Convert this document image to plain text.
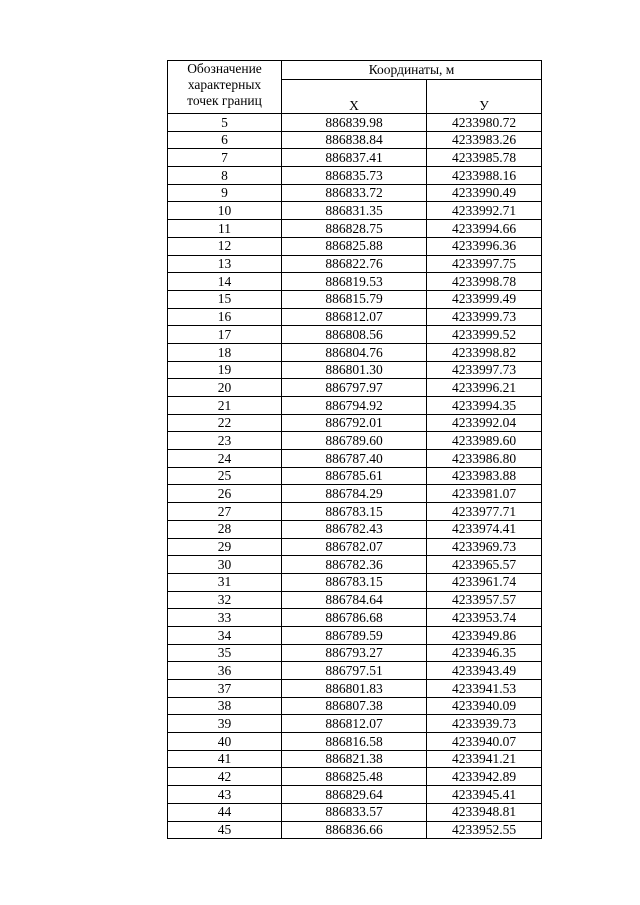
Обозначение
характерных
точек границ	Координаты, м	
	X	У
5	886839.98	4233980.72
6	886838.84	4233983.26
7	886837.41	4233985.78
8	886835.73	4233988.16
9	886833.72	4233990.49
10	886831.35	4233992.71
11	886828.75	4233994.66
12	886825.88	4233996.36
13	886822.76	4233997.75
14	886819.53	4233998.78
15	886815.79	4233999.49
16	886812.07	4233999.73
17	886808.56	4233999.52
18	886804.76	4233998.82
19	886801.30	4233997.73
20	886797.97	4233996.21
21	886794.92	4233994.35
22	886792.01	4233992.04
23	886789.60	4233989.60
24	886787.40	4233986.80
25	886785.61	4233983.88
26	886784.29	4233981.07
27	886783.15	4233977.71
28	886782.43	4233974.41
29	886782.07	4233969.73
30	886782.36	4233965.57
31	886783.15	4233961.74
32	886784.64	4233957.57
33	886786.68	4233953.74
34	886789.59	4233949.86
35	886793.27	4233946.35
36	886797.51	4233943.49
37	886801.83	4233941.53
38	886807.38	4233940.09
39	886812.07	4233939.73
40	886816.58	4233940.07
41	886821.38	4233941.21
42	886825.48	4233942.89
43	886829.64	4233945.41
44	886833.57	4233948.81
45	886836.66	4233952.55
